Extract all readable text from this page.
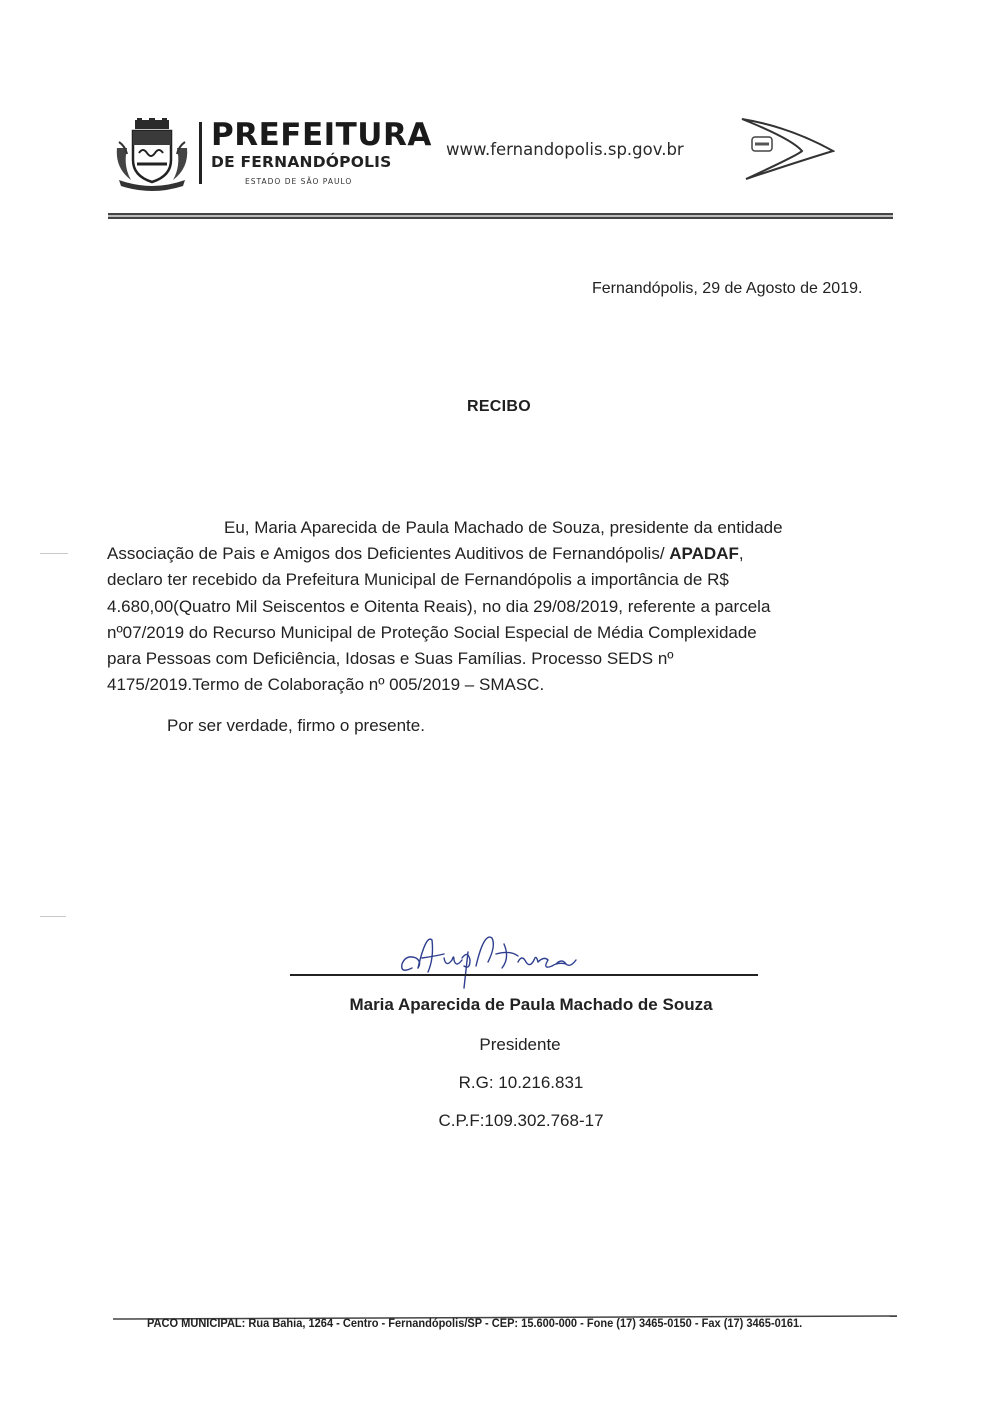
PREFEITURA
DE FERNANDÓPOLIS
ESTADO DE SÃO PAULO
www.fernandopolis.sp.gov.br
Fernandópolis, 29 de Agosto de 2019.
RECIBO
Eu, Maria Aparecida de Paula Machado de Souza, presidente da entidade
Associação de Pais e Amigos dos Deficientes Auditivos de Fernandópolis/ APADAF,
declaro ter recebido da Prefeitura Municipal de Fernandópolis a importância de R$
4.680,00(Quatro Mil Seiscentos e Oitenta Reais), no dia 29/08/2019, referente a parcela
nº07/2019 do Recurso Municipal de Proteção Social Especial de Média Complexidade
para Pessoas com Deficiência, Idosas e Suas Famílias. Processo SEDS nº
4175/2019.Termo de Colaboração nº 005/2019 – SMASC.
Por ser verdade, firmo o presente.
Maria Aparecida de Paula Machado de Souza
Presidente
R.G: 10.216.831
C.P.F:109.302.768-17
PACO MUNICIPAL: Rua Bahia, 1264 - Centro - Fernandópolis/SP - CEP: 15.600-000 - Fone (17) 3465-0150 - Fax (17) 3465-0161.
